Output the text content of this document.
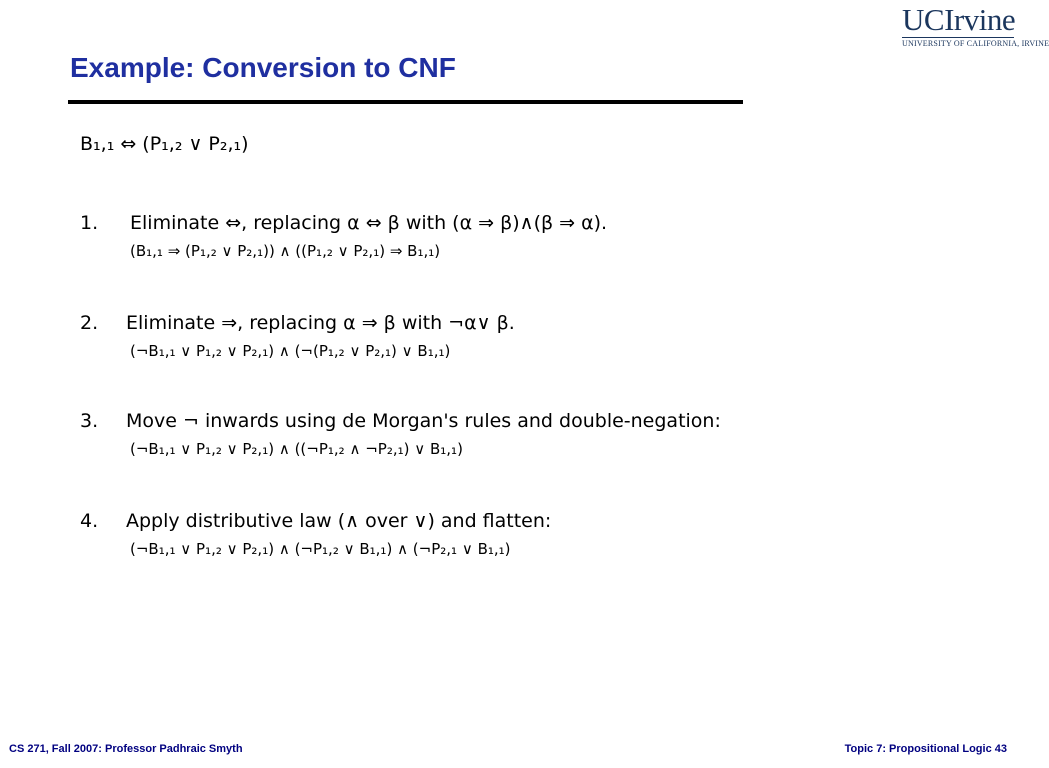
UCIrvine
UNIVERSITY OF CALIFORNIA, IRVINE
Example: Conversion to CNF
B₁,₁ ⇔ (P₁,₂ ∨ P₂,₁)
1. Eliminate ⇔, replacing α ⇔ β with (α ⇒ β)∧(β ⇒ α).
(B₁,₁ ⇒ (P₁,₂ ∨ P₂,₁)) ∧ ((P₁,₂ ∨ P₂,₁) ⇒ B₁,₁)
2. Eliminate ⇒, replacing α ⇒ β with ¬α∨ β.
(¬B₁,₁ ∨ P₁,₂ ∨ P₂,₁) ∧ (¬(P₁,₂ ∨ P₂,₁) ∨ B₁,₁)
3. Move ¬ inwards using de Morgan's rules and double-negation:
(¬B₁,₁ ∨ P₁,₂ ∨ P₂,₁) ∧ ((¬P₁,₂ ∧ ¬P₂,₁) ∨ B₁,₁)
4. Apply distributive law (∧ over ∨) and flatten:
(¬B₁,₁ ∨ P₁,₂ ∨ P₂,₁) ∧ (¬P₁,₂ ∨ B₁,₁) ∧ (¬P₂,₁ ∨ B₁,₁)
CS 271, Fall 2007: Professor Padhraic Smyth	Topic 7: Propositional Logic 43
